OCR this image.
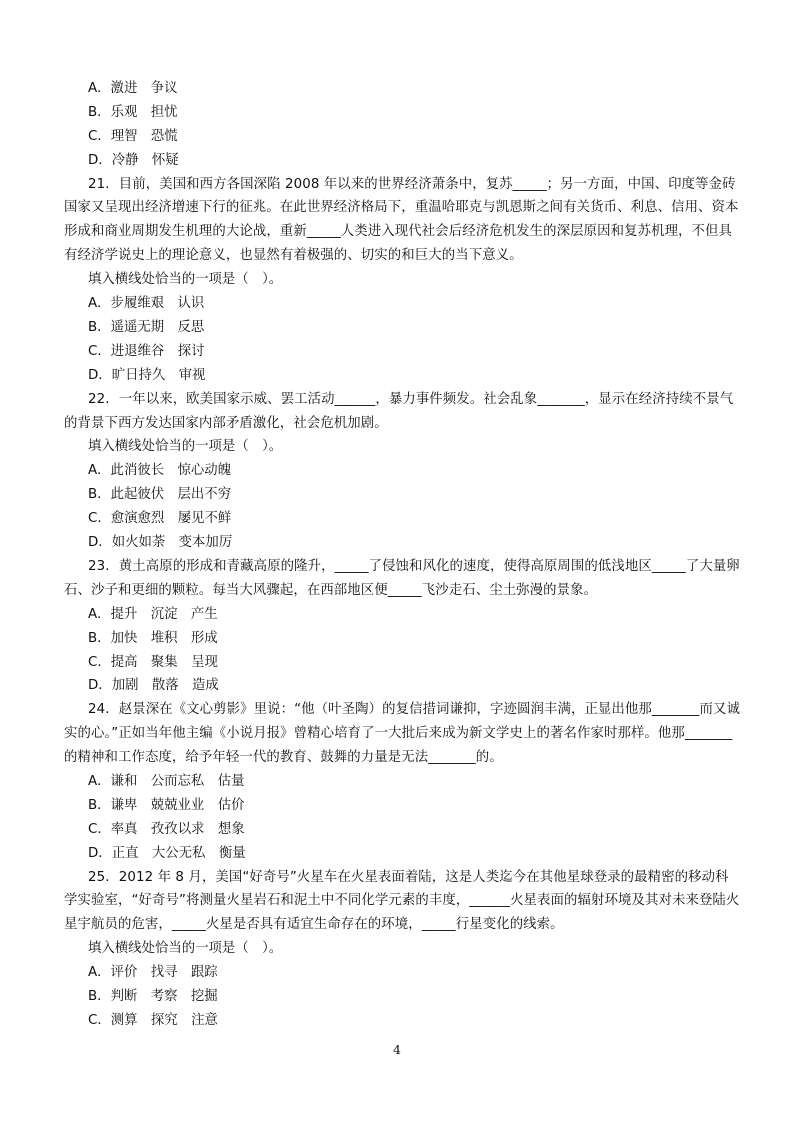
A．激进　争议
B．乐观　担忧
C．理智　恐慌
D．冷静　怀疑
21．目前，美国和西方各国深陷 2008 年以来的世界经济萧条中，复苏_____；另一方面，中国、印度等金砖国家又呈现出经济增速下行的征兆。在此世界经济格局下，重温哈耶克与凯恩斯之间有关货币、利息、信用、资本形成和商业周期发生机理的大论战，重新_____人类进入现代社会后经济危机发生的深层原因和复苏机理，不但具有经济学说史上的理论意义，也显然有着极强的、切实的和巨大的当下意义。
填入横线处恰当的一项是（　）。
A．步履维艰　认识
B．遥遥无期　反思
C．进退维谷　探讨
D．旷日持久　审视
22．一年以来，欧美国家示威、罢工活动______，暴力事件频发。社会乱象_______，显示在经济持续不景气的背景下西方发达国家内部矛盾激化，社会危机加剧。
填入横线处恰当的一项是（　）。
A．此消彼长　惊心动魄
B．此起彼伏　层出不穷
C．愈演愈烈　屡见不鲜
D．如火如荼　变本加厉
23．黄土高原的形成和青藏高原的隆升，_____了侵蚀和风化的速度，使得高原周围的低浅地区_____了大量卵石、沙子和更细的颗粒。每当大风骤起，在西部地区便_____飞沙走石、尘土弥漫的景象。
A．提升　沉淀　产生
B．加快　堆积　形成
C．提高　聚集　呈现
D．加剧　散落　造成
24．赵景深在《文心剪影》里说：“他（叶圣陶）的复信措词谦抑，字迹圆润丰满，正显出他那_______而又诚实的心。”正如当年他主编《小说月报》曾精心培育了一大批后来成为新文学史上的著名作家时那样。他那_______的精神和工作态度，给予年轻一代的教育、鼓舞的力量是无法_______的。
A．谦和　公而忘私　估量
B．谦卑　兢兢业业　估价
C．率真　孜孜以求　想象
D．正直　大公无私　衡量
25．2012 年 8 月，美国“好奇号”火星车在火星表面着陆，这是人类迄今在其他星球登录的最精密的移动科学实验室，“好奇号”将测量火星岩石和泥土中不同化学元素的丰度，______火星表面的辐射环境及其对未来登陆火星宇航员的危害，_____火星是否具有适宜生命存在的环境，_____行星变化的线索。
填入横线处恰当的一项是（　）。
A．评价　找寻　跟踪
B．判断　考察　挖掘
C．测算　探究　注意
4
